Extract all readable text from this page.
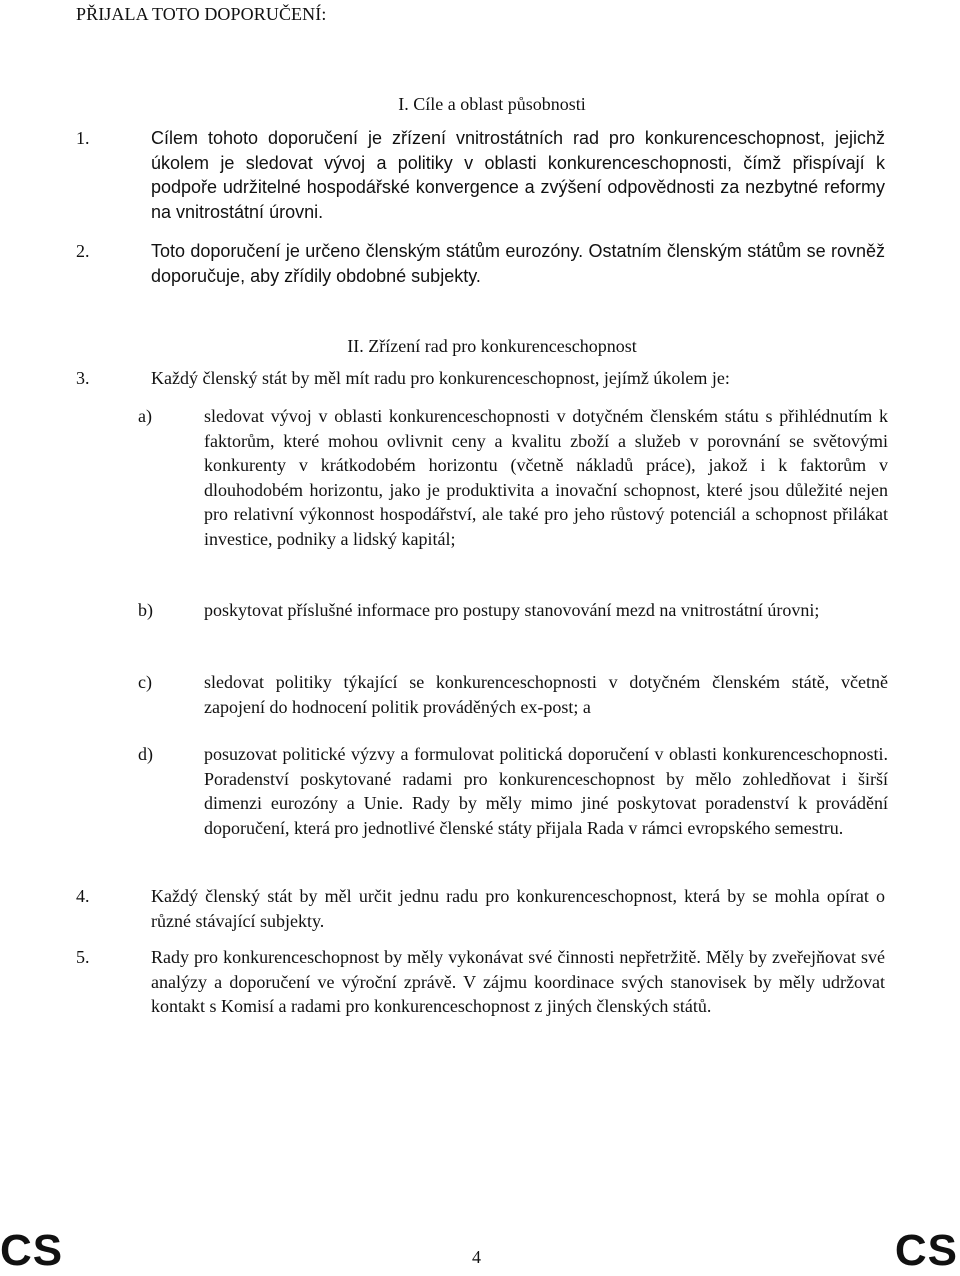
PŘIJALA TOTO DOPORUČENÍ:
I. Cíle a oblast působnosti
1.	Cílem tohoto doporučení je zřízení vnitrostátních rad pro konkurenceschopnost, jejichž úkolem je sledovat vývoj a politiky v oblasti konkurenceschopnosti, čímž přispívají k podpoře udržitelné hospodářské konvergence a zvýšení odpovědnosti za nezbytné reformy na vnitrostátní úrovni.
2.	Toto doporučení je určeno členským státům eurozóny. Ostatním členským státům se rovněž doporučuje, aby zřídily obdobné subjekty.
II. Zřízení rad pro konkurenceschopnost
3.	Každý členský stát by měl mít radu pro konkurenceschopnost, jejímž úkolem je:
a)	sledovat vývoj v oblasti konkurenceschopnosti v dotyčném členském státu s přihlédnutím k faktorům, které mohou ovlivnit ceny a kvalitu zboží a služeb v porovnání se světovými konkurenty v krátkodobém horizontu (včetně nákladů práce), jakož i k faktorům v dlouhodobém horizontu, jako je produktivita a inovační schopnost, které jsou důležité nejen pro relativní výkonnost hospodářství, ale také pro jeho růstový potenciál a schopnost přilákat investice, podniky a lidský kapitál;
b)	poskytovat příslušné informace pro postupy stanovování mezd na vnitrostátní úrovni;
c)	sledovat politiky týkající se konkurenceschopnosti v dotyčném členském státě, včetně zapojení do hodnocení politik prováděných ex-post; a
d)	posuzovat politické výzvy a formulovat politická doporučení v oblasti konkurenceschopnosti. Poradenství poskytované radami pro konkurenceschopnost by mělo zohledňovat i širší dimenzi eurozóny a Unie. Rady by měly mimo jiné poskytovat poradenství k provádění doporučení, která pro jednotlivé členské státy přijala Rada v rámci evropského semestru.
4.	Každý členský stát by měl určit jednu radu pro konkurenceschopnost, která by se mohla opírat o různé stávající subjekty.
5.	Rady pro konkurenceschopnost by měly vykonávat své činnosti nepřetržitě. Měly by zveřejňovat své analýzy a doporučení ve výroční zprávě. V zájmu koordinace svých stanovisek by měly udržovat kontakt s Komisí a radami pro konkurenceschopnost z jiných členských států.
CS	4	CS
